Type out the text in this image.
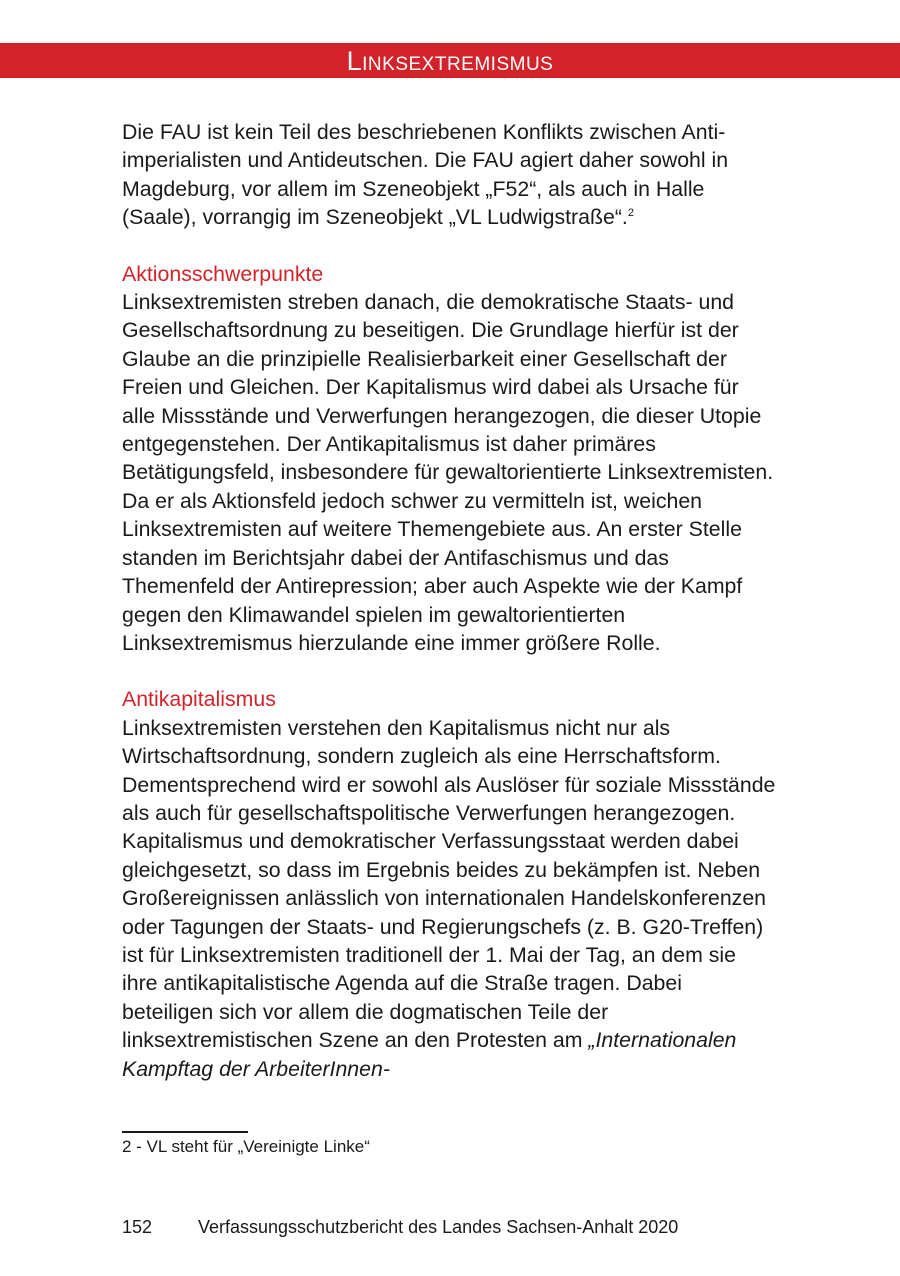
Linksextremismus

Die FAU ist kein Teil des beschriebenen Konflikts zwischen Antiimperialisten und Antideutschen. Die FAU agiert daher sowohl in Magdeburg, vor allem im Szeneobjekt „F52“, als auch in Halle (Saale), vorrangig im Szeneobjekt „VL Ludwigstraße“.$^2$

Aktionsschwerpunkte

Linksextremisten streben danach, die demokratische Staats- und Gesellschaftsordnung zu beseitigen. Die Grundlage hierfür ist der Glaube an die prinzipielle Realisierbarkeit einer Gesellschaft der Freien und Gleichen. Der Kapitalismus wird dabei als Ursache für alle Missstände und Verwerfungen herangezogen, die dieser Utopie entgegenstehen. Der Antikapitalismus ist daher primäres Betätigungsfeld, insbesondere für gewaltorientierte Linksextremisten. Da er als Aktionsfeld jedoch schwer zu vermitteln ist, weichen Linksextremisten auf weitere Themengebiete aus. An erster Stelle standen im Berichtsjahr dabei der Antifaschismus und das Themenfeld der Antirepression; aber auch Aspekte wie der Kampf gegen den Klimawandel spielen im gewaltorientierten Linksextremismus hierzulande eine immer größere Rolle.

Antikapitalismus

Linksextremisten verstehen den Kapitalismus nicht nur als Wirtschaftsordnung, sondern zugleich als eine Herrschaftsform. Dementsprechend wird er sowohl als Auslöser für soziale Missstände als auch für gesellschaftspolitische Verwerfungen herangezogen. Kapitalismus und demokratischer Verfassungsstaat werden dabei gleichgesetzt, so dass im Ergebnis beides zu bekämpfen ist. Neben Großereignissen anlässlich von internationalen Handelskonferenzen oder Tagungen der Staats- und Regierungschefs (z. B. G20-Treffen) ist für Linksextremisten traditionell der 1. Mai der Tag, an dem sie ihre antikapitalistische Agenda auf die Straße tragen. Dabei beteiligen sich vor allem die dogmatischen Teile der linksextremistischen Szene an den Protesten am „Internationalen Kampftag der ArbeiterInnen-

2 - VL steht für „Vereinigte Linke“
152	Verfassungsschutzbericht des Landes Sachsen-Anhalt 2020
